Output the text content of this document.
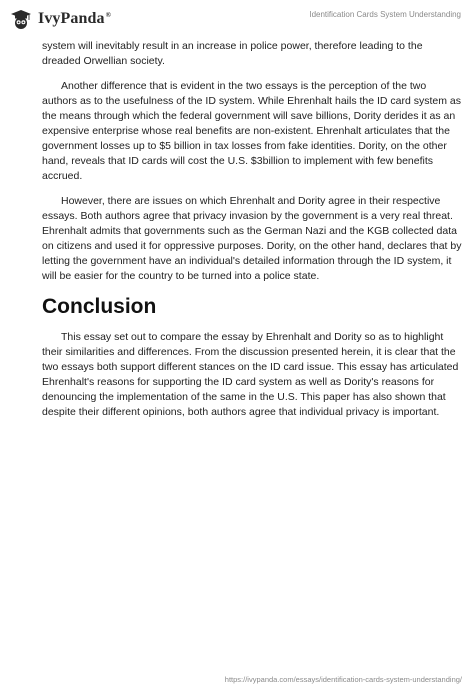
IvyPanda®	Identification Cards System Understanding

system will inevitably result in an increase in police power, therefore leading to the dreaded Orwellian society.

Another difference that is evident in the two essays is the perception of the two authors as to the usefulness of the ID system. While Ehrenhalt hails the ID card system as the means through which the federal government will save billions, Dority derides it as an expensive enterprise whose real benefits are non-existent. Ehrenhalt articulates that the government losses up to $5 billion in tax losses from fake identities. Dority, on the other hand, reveals that ID cards will cost the U.S. $3billion to implement with few benefits accrued.

However, there are issues on which Ehrenhalt and Dority agree in their respective essays. Both authors agree that privacy invasion by the government is a very real threat. Ehrenhalt admits that governments such as the German Nazi and the KGB collected data on citizens and used it for oppressive purposes. Dority, on the other hand, declares that by letting the government have an individual's detailed information through the ID system, it will be easier for the country to be turned into a police state.

Conclusion

This essay set out to compare the essay by Ehrenhalt and Dority so as to highlight their similarities and differences. From the discussion presented herein, it is clear that the two essays both support different stances on the ID card issue. This essay has articulated Ehrenhalt's reasons for supporting the ID card system as well as Dority's reasons for denouncing the implementation of the same in the U.S. This paper has also shown that despite their different opinions, both authors agree that individual privacy is important.

https://ivypanda.com/essays/identification-cards-system-understanding/
